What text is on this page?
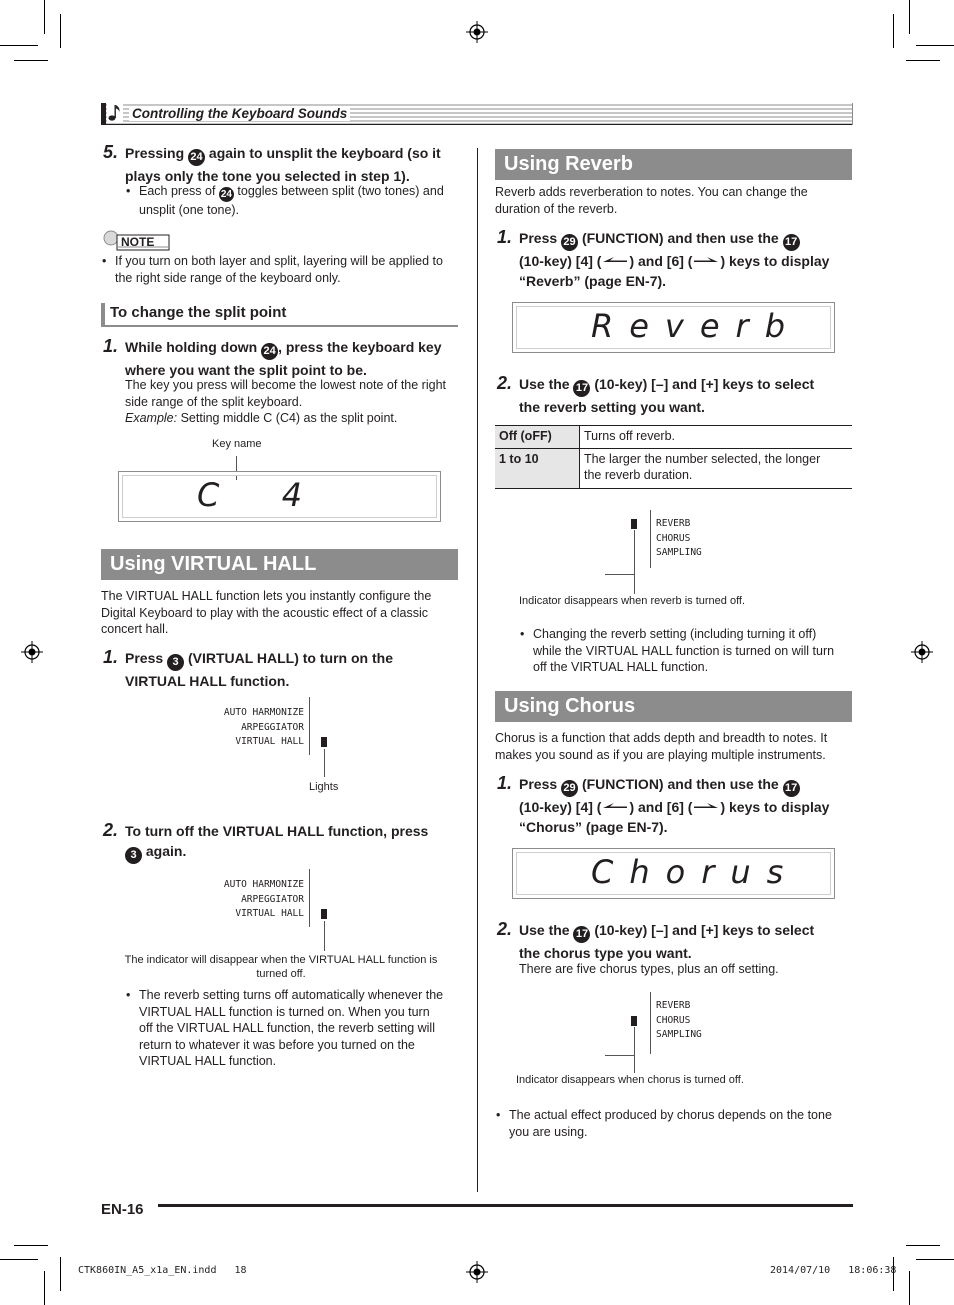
Controlling the Keyboard Sounds
5. Pressing 24 again to unsplit the keyboard (so it
plays only the tone you selected in step 1).
• Each press of 24 toggles between split (two tones) and
unsplit (one tone).
NOTE
• If you turn on both layer and split, layering will be applied to
the right side range of the keyboard only.
To change the split point
1. While holding down 24 , press the keyboard key
where you want the split point to be.
The key you press will become the lowest note of the right
side range of the split keyboard.
Example: Setting middle C (C4) as the split point.
Key name
C  4
Using VIRTUAL HALL
The VIRTUAL HALL function lets you instantly configure the
Digital Keyboard to play with the acoustic effect of a classic
concert hall.
1. Press 3 (VIRTUAL HALL) to turn on the
VIRTUAL HALL function.
AUTO HARMONIZE
ARPEGGIATOR
VIRTUAL HALL
Lights
2. To turn off the VIRTUAL HALL function, press
3 again.
AUTO HARMONIZE
ARPEGGIATOR
VIRTUAL HALL
The indicator will disappear when the VIRTUAL HALL function is
turned off.
• The reverb setting turns off automatically whenever the
VIRTUAL HALL function is turned on. When you turn
off the VIRTUAL HALL function, the reverb setting will
return to whatever it was before you turned on the
VIRTUAL HALL function.
Using Reverb
Reverb adds reverberation to notes. You can change the
duration of the reverb.
1. Press 29 (FUNCTION) and then use the 17
(10-key) [4] ( ) and [6] ( ) keys to display
“Reverb” (page EN-7).
Reverb
2. Use the 17 (10-key) [–] and [+] keys to select
the reverb setting you want.
Off (oFF)	Turns off reverb.
1 to 10	The larger the number selected, the longer
the reverb duration.
REVERB
CHORUS
SAMPLING
Indicator disappears when reverb is turned off.
• Changing the reverb setting (including turning it off)
while the VIRTUAL HALL function is turned on will turn
off the VIRTUAL HALL function.
Using Chorus
Chorus is a function that adds depth and breadth to notes. It
makes you sound as if you are playing multiple instruments.
1. Press 29 (FUNCTION) and then use the 17
(10-key) [4] ( ) and [6] ( ) keys to display
“Chorus” (page EN-7).
Chorus
2. Use the 17 (10-key) [–] and [+] keys to select
the chorus type you want.
There are five chorus types, plus an off setting.
REVERB
CHORUS
SAMPLING
Indicator disappears when chorus is turned off.
• The actual effect produced by chorus depends on the tone
you are using.
EN-16
CTK860IN_A5_x1a_EN.indd   18	2014/07/10   18:06:38
